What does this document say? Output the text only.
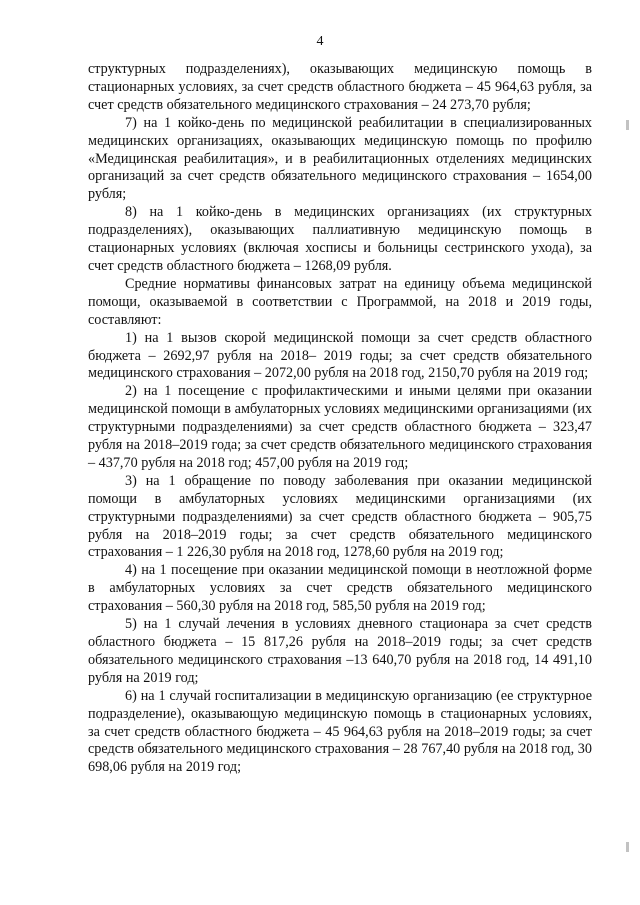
4

структурных подразделениях), оказывающих медицинскую помощь в стационарных условиях, за счет средств областного бюджета – 45 964,63 рубля, за счет средств обязательного медицинского страхования – 24 273,70 рубля;

7) на 1 койко-день по медицинской реабилитации в специализированных медицинских организациях, оказывающих медицинскую помощь по профилю «Медицинская реабилитация», и в реабилитационных отделениях медицинских организаций за счет средств обязательного медицинского страхования – 1654,00 рубля;

8) на 1 койко-день в медицинских организациях (их структурных подразделениях), оказывающих паллиативную медицинскую помощь в стационарных условиях (включая хосписы и больницы сестринского ухода), за счет средств областного бюджета – 1268,09 рубля.

Средние нормативы финансовых затрат на единицу объема медицинской помощи, оказываемой в соответствии с Программой, на 2018 и 2019 годы, составляют:

1) на 1 вызов скорой медицинской помощи за счет средств областного бюджета – 2692,97 рубля на 2018– 2019 годы; за счет средств обязательного медицинского страхования – 2072,00 рубля на 2018 год, 2150,70 рубля на 2019 год;

2) на 1 посещение с профилактическими и иными целями при оказании медицинской помощи в амбулаторных условиях медицинскими организациями (их структурными подразделениями) за счет средств областного бюджета – 323,47 рубля на 2018–2019 года; за счет средств обязательного медицинского страхования – 437,70 рубля на 2018 год; 457,00 рубля на 2019 год;

3) на 1 обращение по поводу заболевания при оказании медицинской помощи в амбулаторных условиях медицинскими организациями (их структурными подразделениями) за счет средств областного бюджета – 905,75 рубля на 2018–2019 годы; за счет средств обязательного медицинского страхования – 1 226,30 рубля на 2018 год, 1278,60 рубля на 2019 год;

4) на 1 посещение при оказании медицинской помощи в неотложной форме в амбулаторных условиях за счет средств обязательного медицинского страхования – 560,30 рубля на 2018 год, 585,50 рубля на 2019 год;

5) на 1 случай лечения в условиях дневного стационара за счет средств областного бюджета – 15 817,26 рубля на 2018–2019 годы; за счет средств обязательного медицинского страхования –13 640,70 рубля на 2018 год, 14 491,10 рубля на 2019 год;

6) на 1 случай госпитализации в медицинскую организацию (ее структурное подразделение), оказывающую медицинскую помощь в стационарных условиях, за счет средств областного бюджета – 45 964,63 рубля на 2018–2019 годы; за счет средств обязательного медицинского страхования – 28 767,40 рубля на 2018 год, 30 698,06 рубля на 2019 год;
